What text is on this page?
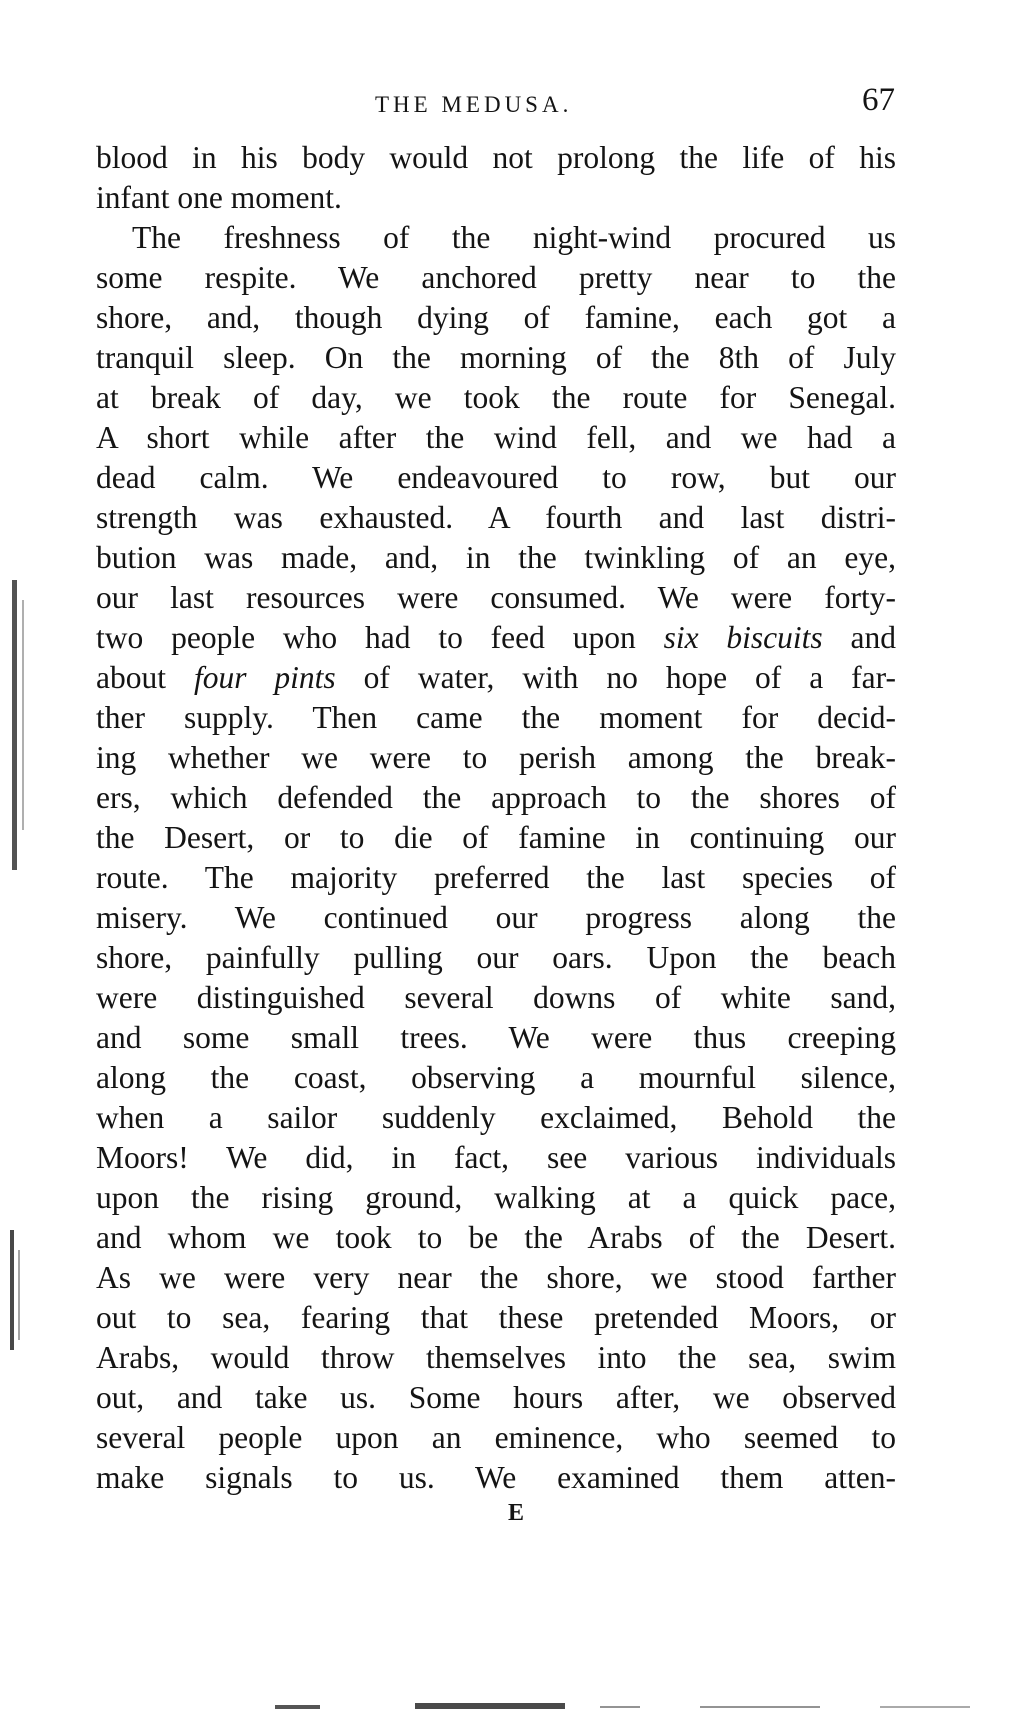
THE MEDUSA.	67
blood in his body would not prolong the life of his
infant one moment.
The freshness of the night-wind procured us
some respite. We anchored pretty near to the
shore, and, though dying of famine, each got a
tranquil sleep. On the morning of the 8th of July
at break of day, we took the route for Senegal.
A short while after the wind fell, and we had a
dead calm. We endeavoured to row, but our
strength was exhausted. A fourth and last distri-
bution was made, and, in the twinkling of an eye,
our last resources were consumed. We were forty-
two people who had to feed upon six biscuits and
about four pints of water, with no hope of a far-
ther supply. Then came the moment for decid-
ing whether we were to perish among the break-
ers, which defended the approach to the shores of
the Desert, or to die of famine in continuing our
route. The majority preferred the last species of
misery. We continued our progress along the
shore, painfully pulling our oars. Upon the beach
were distinguished several downs of white sand,
and some small trees. We were thus creeping
along the coast, observing a mournful silence,
when a sailor suddenly exclaimed, Behold the
Moors! We did, in fact, see various individuals
upon the rising ground, walking at a quick pace,
and whom we took to be the Arabs of the Desert.
As we were very near the shore, we stood farther
out to sea, fearing that these pretended Moors, or
Arabs, would throw themselves into the sea, swim
out, and take us. Some hours after, we observed
several people upon an eminence, who seemed to
make signals to us. We examined them atten-
E
